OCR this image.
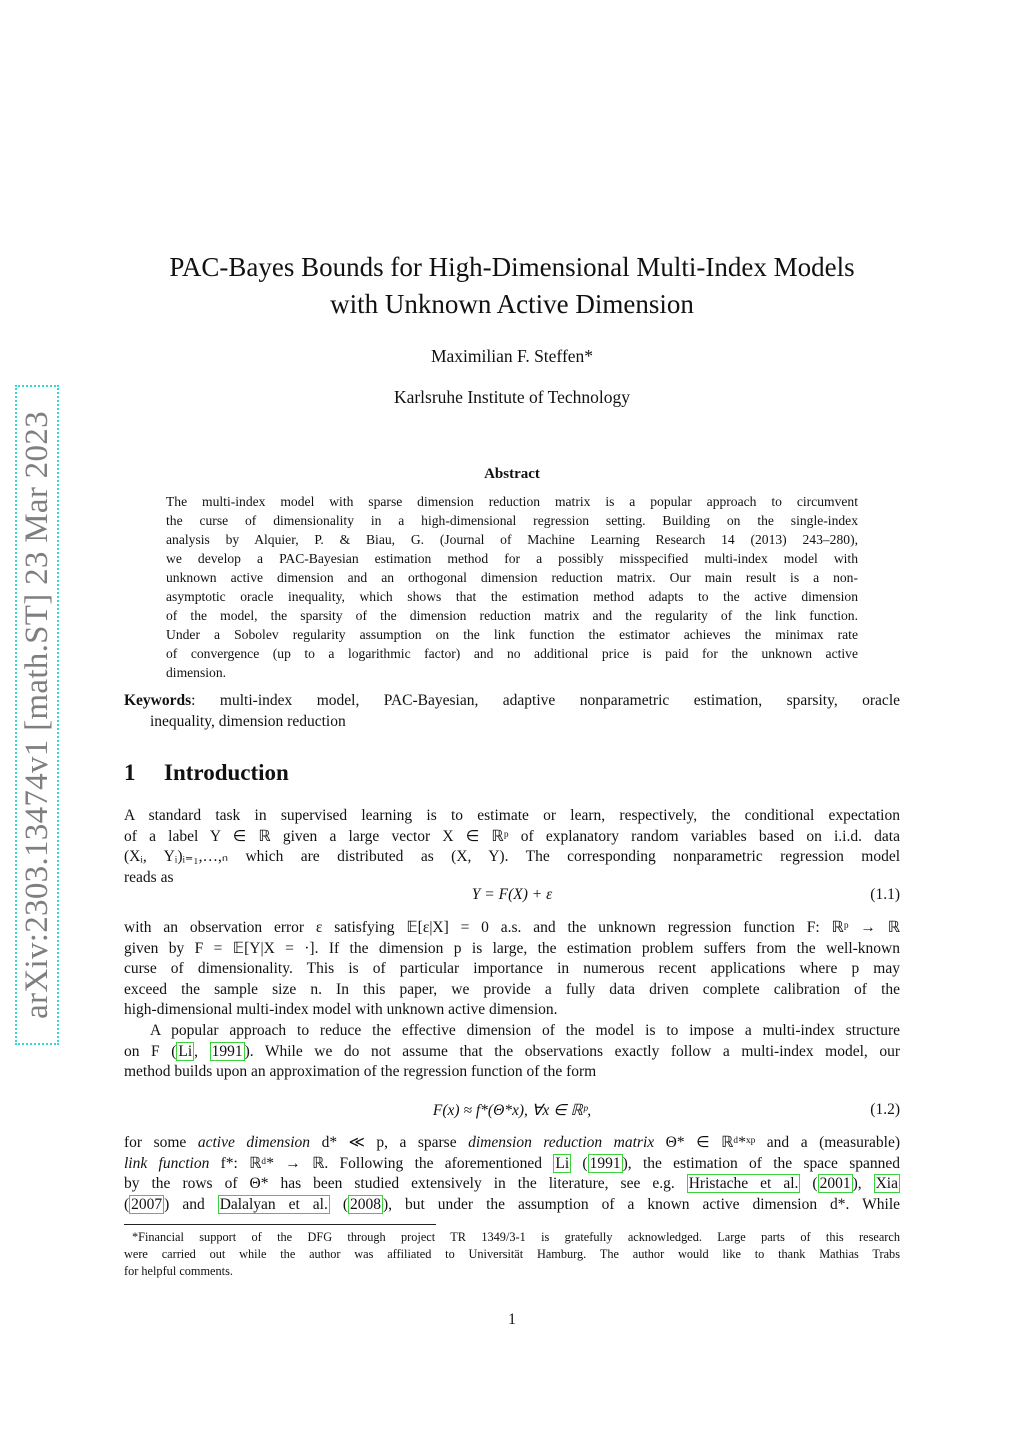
arXiv:2303.13474v1 [math.ST] 23 Mar 2023
PAC-Bayes Bounds for High-Dimensional Multi-Index Models
with Unknown Active Dimension
Maximilian F. Steffen*
Karlsruhe Institute of Technology
Abstract
The multi-index model with sparse dimension reduction matrix is a popular approach to circumvent
the curse of dimensionality in a high-dimensional regression setting. Building on the single-index
analysis by Alquier, P. & Biau, G. (Journal of Machine Learning Research 14 (2013) 243–280),
we develop a PAC-Bayesian estimation method for a possibly misspecified multi-index model with
unknown active dimension and an orthogonal dimension reduction matrix. Our main result is a non-
asymptotic oracle inequality, which shows that the estimation method adapts to the active dimension
of the model, the sparsity of the dimension reduction matrix and the regularity of the link function.
Under a Sobolev regularity assumption on the link function the estimator achieves the minimax rate
of convergence (up to a logarithmic factor) and no additional price is paid for the unknown active
dimension.
Keywords: multi-index model, PAC-Bayesian, adaptive nonparametric estimation, sparsity, oracle
inequality, dimension reduction
1 Introduction
A standard task in supervised learning is to estimate or learn, respectively, the conditional expectation
of a label Y ∈ ℝ given a large vector X ∈ ℝᵖ of explanatory random variables based on i.i.d. data
(Xᵢ, Yᵢ)ᵢ₌₁,…,ₙ which are distributed as (X, Y). The corresponding nonparametric regression model
reads as
Y = F(X) + ε	(1.1)
with an observation error ε satisfying 𝔼[ε|X] = 0 a.s. and the unknown regression function F: ℝᵖ → ℝ
given by F = 𝔼[Y|X = ·]. If the dimension p is large, the estimation problem suffers from the well-known
curse of dimensionality. This is of particular importance in numerous recent applications where p may
exceed the sample size n. In this paper, we provide a fully data driven complete calibration of the
high-dimensional multi-index model with unknown active dimension.
A popular approach to reduce the effective dimension of the model is to impose a multi-index structure
on F ( Li , 1991 ). While we do not assume that the observations exactly follow a multi-index model, our
method builds upon an approximation of the regression function of the form
F(x) ≈ f*(Θ*x), ∀x ∈ ℝᵖ,	(1.2)
for some active dimension d* ≪ p, a sparse dimension reduction matrix Θ* ∈ ℝᵈ*ˣᵖ and a (measurable)
link function f*: ℝᵈ* → ℝ. Following the aforementioned Li ( 1991 ), the estimation of the space spanned
by the rows of Θ* has been studied extensively in the literature, see e.g. Hristache et al. ( 2001 ), Xia
( 2007 ) and Dalalyan et al. ( 2008 ), but under the assumption of a known active dimension d*. While
*Financial support of the DFG through project TR 1349/3-1 is gratefully acknowledged. Large parts of this research
were carried out while the author was affiliated to Universität Hamburg. The author would like to thank Mathias Trabs
for helpful comments.
1
